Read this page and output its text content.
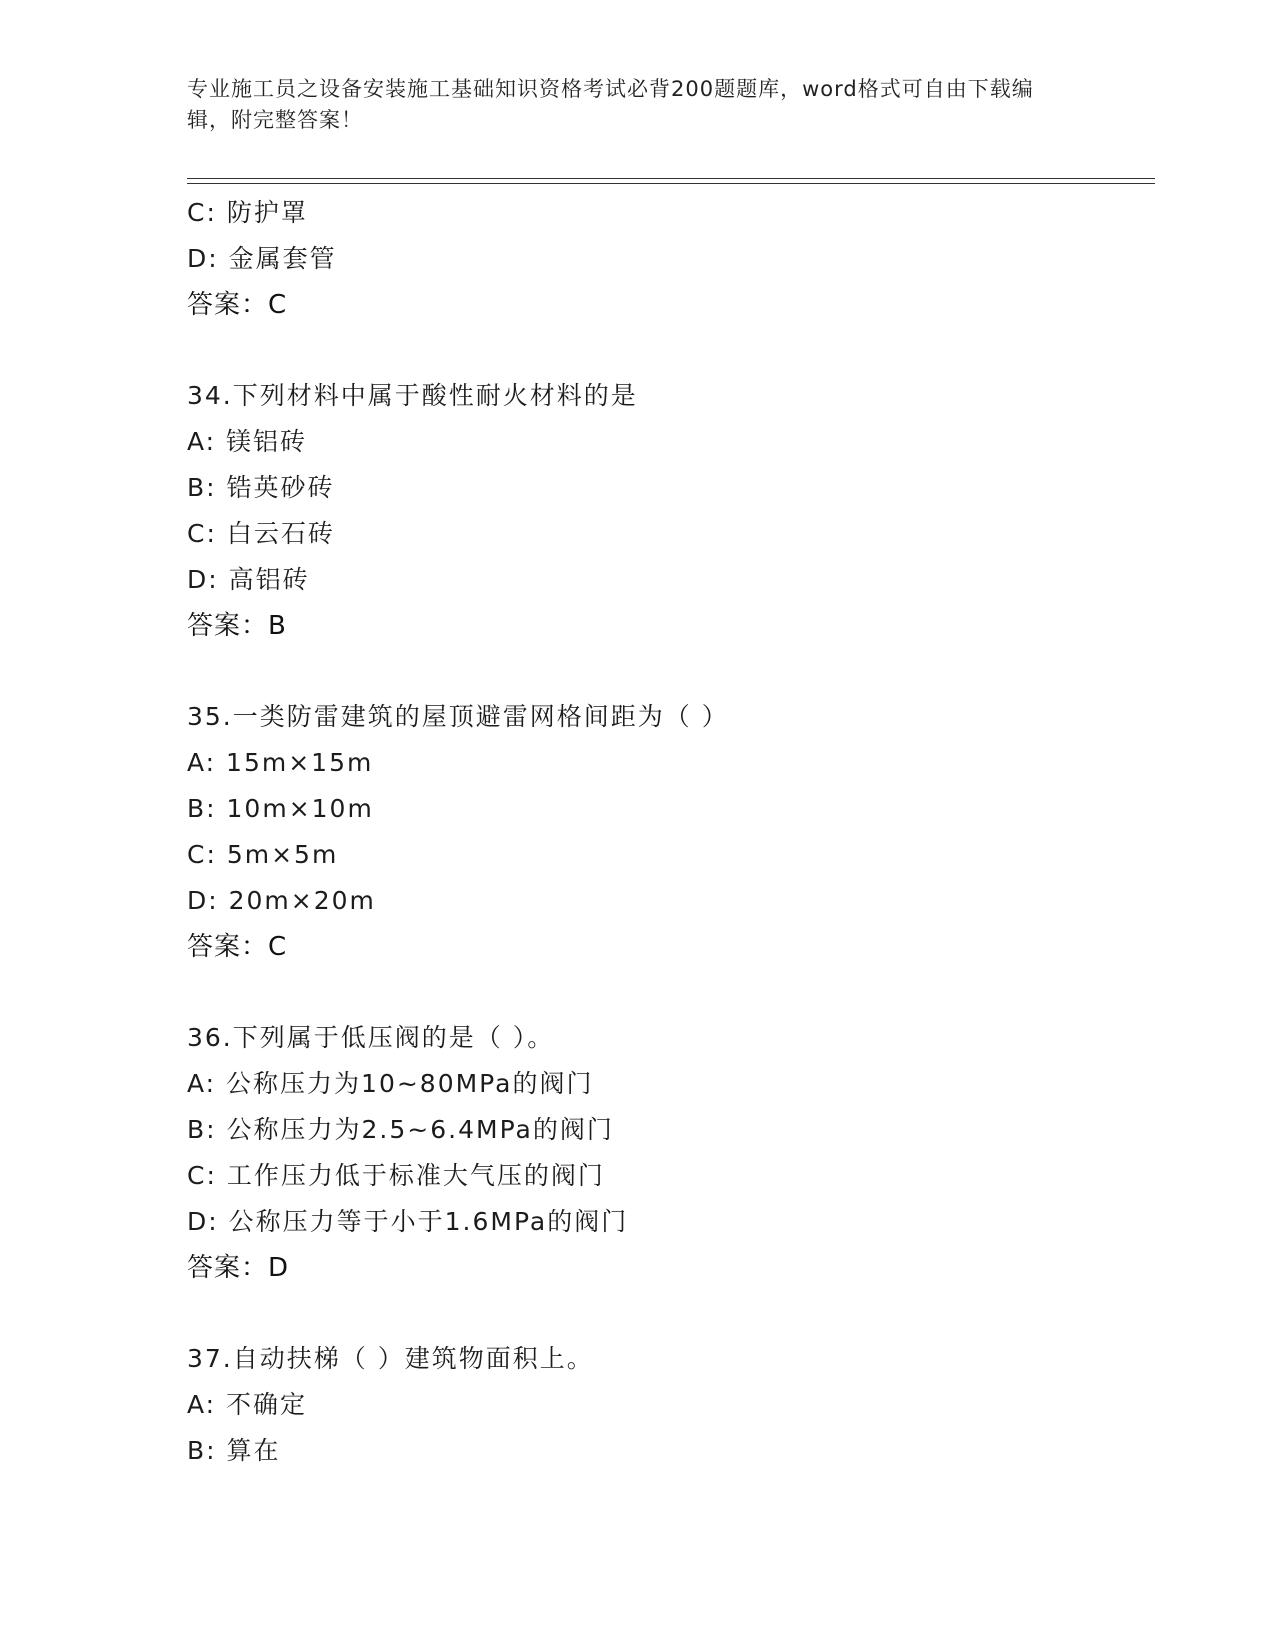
专业施工员之设备安装施工基础知识资格考试必背200题题库，word格式可自由下载编辑，附完整答案！
C: 防护罩
D: 金属套管
答案：C
34.下列材料中属于酸性耐火材料的是
A: 镁铝砖
B: 锆英砂砖
C: 白云石砖
D: 高铝砖
答案：B
35.一类防雷建筑的屋顶避雷网格间距为（ ）
A: 15m×15m
B: 10m×10m
C: 5m×5m
D: 20m×20m
答案：C
36.下列属于低压阀的是（ ）。
A: 公称压力为10~80MPa的阀门
B: 公称压力为2.5~6.4MPa的阀门
C: 工作压力低于标准大气压的阀门
D: 公称压力等于小于1.6MPa的阀门
答案：D
37.自动扶梯（ ）建筑物面积上。
A: 不确定
B: 算在
